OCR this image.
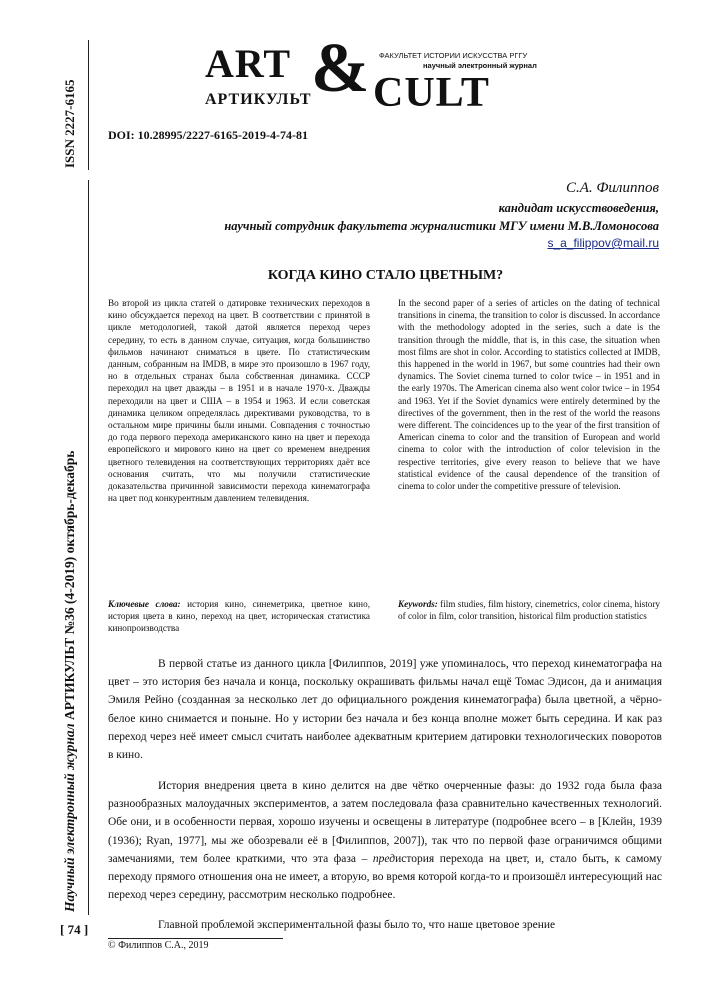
ISSN 2227-6165
Научный электронный журнал АРТИКУЛЬТ №36 (4-2019) октябрь-декабрь
[ 74 ]
ART & CULT
АРТИКУЛЬТ
ФАКУЛЬТЕТ ИСТОРИИ ИСКУССТВА РГГУ
научный электронный журнал
DOI: 10.28995/2227-6165-2019-4-74-81
С.А. Филиппов
кандидат искусствоведения,
научный сотрудник факультета журналистики МГУ имени М.В.Ломоносова
s_a_filippov@mail.ru
КОГДА КИНО СТАЛО ЦВЕТНЫМ?
Во второй из цикла статей о датировке технических переходов в кино обсуждается переход на цвет. В соответствии с принятой в цикле методологией, такой датой является переход через середину, то есть в данном случае, ситуация, когда большинство фильмов начинают сниматься в цвете. По статистическим данным, собранным на IMDB, в мире это произошло в 1967 году, но в отдельных странах была собственная динамика. СССР переходил на цвет дважды – в 1951 и в начале 1970-х. Дважды переходили на цвет и США – в 1954 и 1963. И если советская динамика целиком определялась директивами руководства, то в остальном мире причины были иными. Совпадения с точностью до года первого перехода американского кино на цвет и перехода европейского и мирового кино на цвет со временем внедрения цветного телевидения на соответствующих территориях даёт все основания считать, что мы получили статистические доказательства причинной зависимости перехода кинематографа на цвет под конкурентным давлением телевидения.
In the second paper of a series of articles on the dating of technical transitions in cinema, the transition to color is discussed. In accordance with the methodology adopted in the series, such a date is the transition through the middle, that is, in this case, the situation when most films are shot in color. According to statistics collected at IMDB, this happened in the world in 1967, but some countries had their own dynamics. The Soviet cinema turned to color twice – in 1951 and in the early 1970s. The American cinema also went color twice – in 1954 and 1963. Yet if the Soviet dynamics were entirely determined by the directives of the government, then in the rest of the world the reasons were different. The coincidences up to the year of the first transition of American cinema to color and the transition of European and world cinema to color with the introduction of color television in the respective territories, give every reason to believe that we have statistical evidence of the causal dependence of the transition of cinema to color under the competitive pressure of television.
Ключевые слова: история кино, синеметрика, цветное кино, история цвета в кино, переход на цвет, историческая статистика кинопроизводства
Keywords: film studies, film history, cinemetrics, color cinema, history of color in film, color transition, historical film production statistics

В первой статье из данного цикла [Филиппов, 2019] уже упоминалось, что переход кинематографа на цвет – это история без начала и конца, поскольку окрашивать фильмы начал ещё Томас Эдисон, да и анимация Эмиля Рейно (созданная за несколько лет до официального рождения кинематографа) была цветной, а чёрно-белое кино снимается и поныне. Но у истории без начала и без конца вполне может быть середина. И как раз переход через неё имеет смысл считать наиболее адекватным критерием датировки технологических поворотов в кино.

История внедрения цвета в кино делится на две чётко очерченные фазы: до 1932 года была фаза разнообразных малоудачных экспериментов, а затем последовала фаза сравнительно качественных технологий. Обе они, и в особенности первая, хорошо изучены и освещены в литературе (подробнее всего – в [Клейн, 1939 (1936); Ryan, 1977], мы же обозревали её в [Филиппов, 2007]), так что по первой фазе ограничимся общими замечаниями, тем более краткими, что эта фаза – предистория перехода на цвет, и, стало быть, к самому переходу прямого отношения она не имеет, а вторую, во время которой когда-то и произошёл интересующий нас переход через середину, рассмотрим несколько подробнее.

Главной проблемой экспериментальной фазы было то, что наше цветовое зрение

© Филиппов С.А., 2019
